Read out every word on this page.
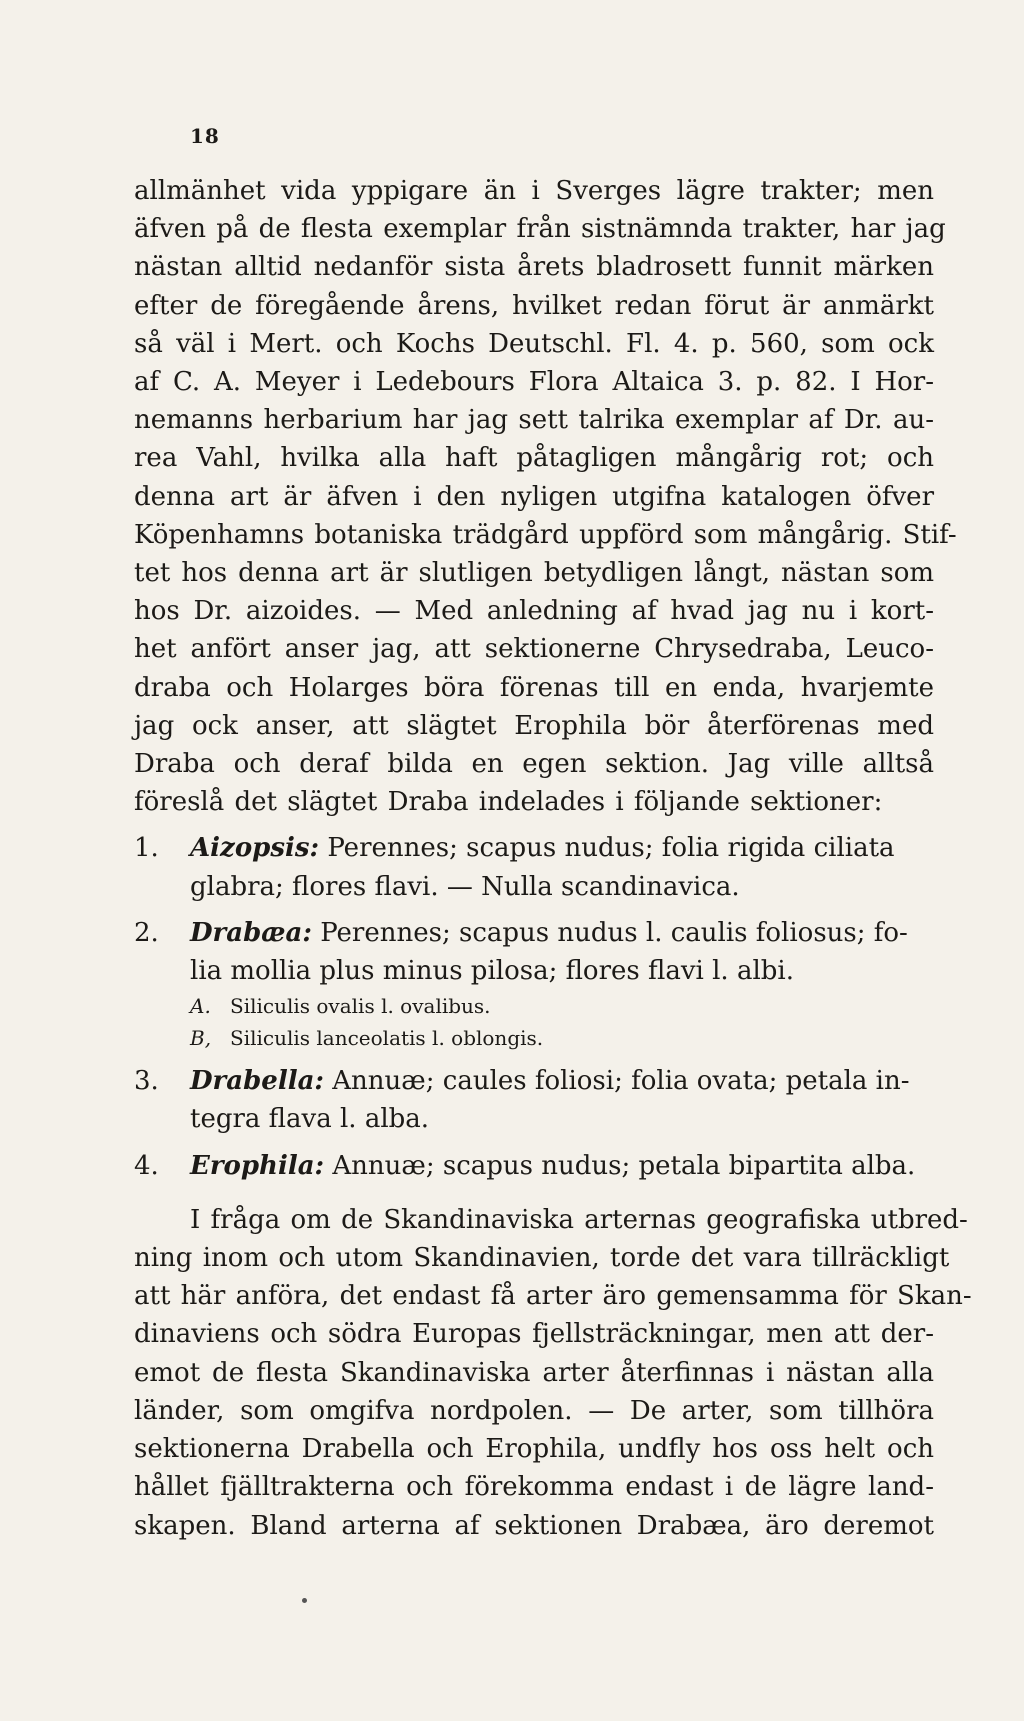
18
allmänhet vida yppigare än i Sverges lägre trakter; men
äfven på de flesta exemplar från sistnämnda trakter, har jag
nästan alltid nedanför sista årets bladrosett funnit märken
efter de föregående årens, hvilket redan förut är anmärkt
så väl i Mert. och Kochs Deutschl. Fl. 4. p. 560, som ock
af C. A. Meyer i Ledebours Flora Altaica 3. p. 82. I Hor-
nemanns herbarium har jag sett talrika exemplar af Dr. au-
rea Vahl, hvilka alla haft påtagligen mångårig rot; och
denna art är äfven i den nyligen utgifna katalogen öfver
Köpenhamns botaniska trädgård uppförd som mångårig. Stif-
tet hos denna art är slutligen betydligen långt, nästan som
hos Dr. aizoides. — Med anledning af hvad jag nu i kort-
het anfört anser jag, att sektionerne Chrysedraba, Leuco-
draba och Holarges böra förenas till en enda, hvarjemte
jag ock anser, att slägtet Erophila bör återförenas med
Draba och deraf bilda en egen sektion. Jag ville alltså
föreslå det slägtet Draba indelades i följande sektioner:
1.	Aizopsis: Perennes; scapus nudus; folia rigida ciliata
glabra; flores flavi. — Nulla scandinavica.
2.	Drabæa: Perennes; scapus nudus l. caulis foliosus; fo-
lia mollia plus minus pilosa; flores flavi l. albi.
A. Siliculis ovalis l. ovalibus.
B, Siliculis lanceolatis l. oblongis.
3.	Drabella: Annuæ; caules foliosi; folia ovata; petala in-
tegra flava l. alba.
4.	Erophila: Annuæ; scapus nudus; petala bipartita alba.
I fråga om de Skandinaviska arternas geografiska utbred-
ning inom och utom Skandinavien, torde det vara tillräckligt
att här anföra, det endast få arter äro gemensamma för Skan-
dinaviens och södra Europas fjellsträckningar, men att der-
emot de flesta Skandinaviska arter återfinnas i nästan alla
länder, som omgifva nordpolen. — De arter, som tillhöra
sektionerna Drabella och Erophila, undfly hos oss helt och
hållet fjälltrakterna och förekomma endast i de lägre land-
skapen. Bland arterna af sektionen Drabæa, äro deremot
